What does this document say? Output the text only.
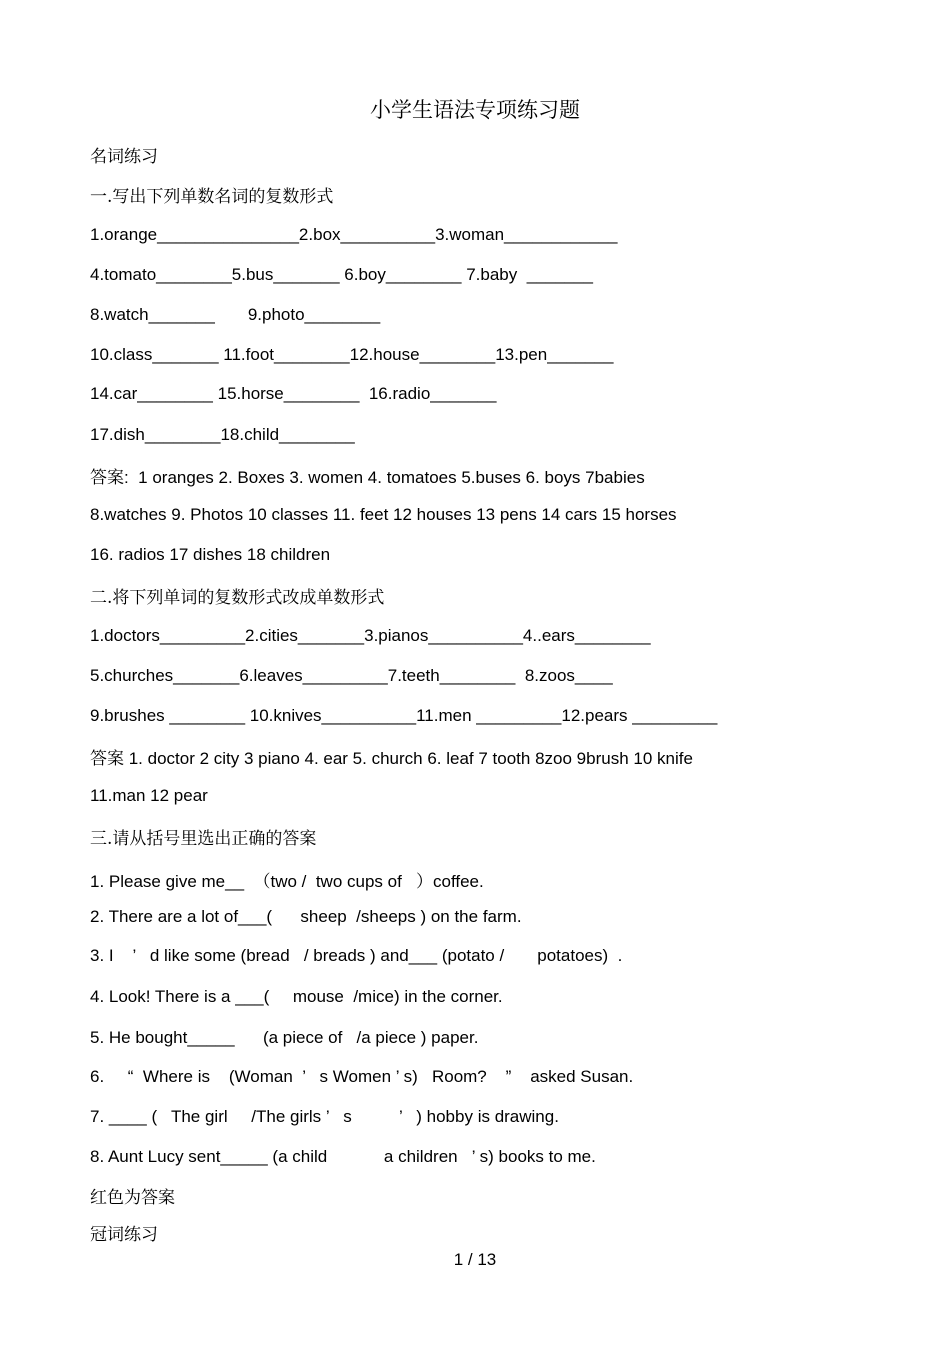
小学生语法专项练习题
名词练习
一.写出下列单数名词的复数形式
1.orange_______________2.box__________3.woman____________
4.tomato________5.bus_______ 6.boy________ 7.baby  _______
8.watch_______       9.photo________
10.class_______ 11.foot________12.house________13.pen_______
14.car________ 15.horse________  16.radio_______
17.dish________18.child________
答案:  1 oranges 2. Boxes 3. women 4. tomatoes 5.buses 6. boys 7babies
8.watches 9. Photos 10 classes 11. feet 12 houses 13 pens 14 cars 15 horses
16. radios 17 dishes 18 children
二.将下列单词的复数形式改成单数形式
1.doctors_________2.cities_______3.pianos__________4..ears________
5.churches_______6.leaves_________7.teeth________  8.zoos____
9.brushes ________ 10.knives__________11.men _________12.pears _________
答案 1. doctor 2 city 3 piano 4. ear 5. church 6. leaf 7 tooth 8zoo 9brush 10 knife
11.man 12 pear
三.请从括号里选出正确的答案
1. Please give me__  （two /  two cups of   ）coffee.
2. There are a lot of___(      sheep  /sheeps ) on the farm.
3. I    ’   d like some (bread   / breads ) and___ (potato /       potatoes)  .
4. Look! There is a ___(     mouse  /mice) in the corner.
5. He bought_____      (a piece of   /a piece ) paper.
6.     “  Where is    (Woman  ’   s Women ’ s)   Room?    ”    asked Susan.
7. ____ (   The girl     /The girls ’   s          ’   ) hobby is drawing.
8. Aunt Lucy sent_____ (a child            a children   ’ s) books to me.
红色为答案
冠词练习
1 / 13
